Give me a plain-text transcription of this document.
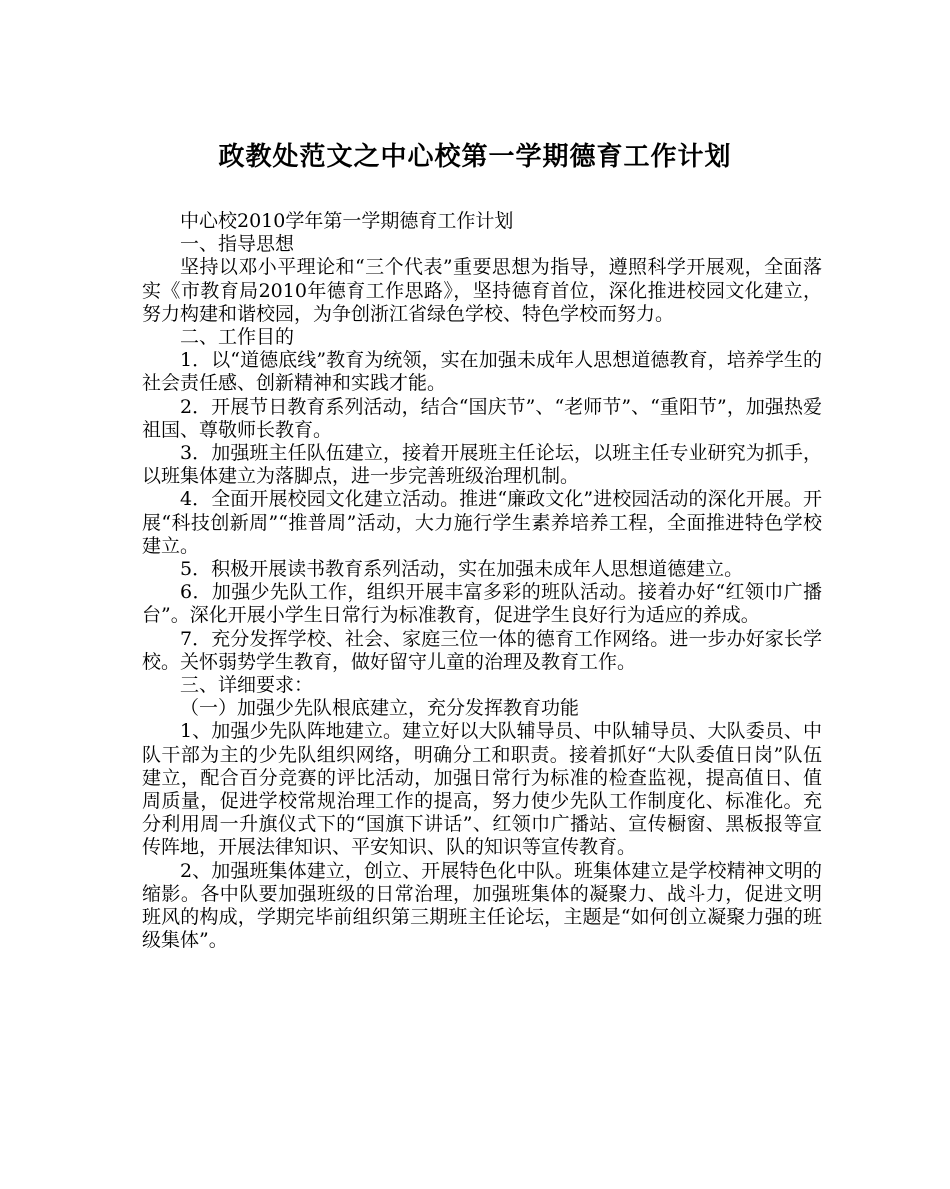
政教处范文之中心校第一学期德育工作计划

中心校2010学年第一学期德育工作计划

一、指导思想

坚持以邓小平理论和“三个代表”重要思想为指导，遵照科学开展观，全面落实《市教育局2010年德育工作思路》，坚持德育首位，深化推进校园文化建立，努力构建和谐校园，为争创浙江省绿色学校、特色学校而努力。

二、工作目的

1．以“道德底线”教育为统领，实在加强未成年人思想道德教育，培养学生的社会责任感、创新精神和实践才能。

2．开展节日教育系列活动，结合“国庆节”、“老师节”、“重阳节”，加强热爱祖国、尊敬师长教育。

3．加强班主任队伍建立，接着开展班主任论坛，以班主任专业研究为抓手，以班集体建立为落脚点，进一步完善班级治理机制。

4．全面开展校园文化建立活动。推进“廉政文化”进校园活动的深化开展。开展“科技创新周”“推普周”活动，大力施行学生素养培养工程，全面推进特色学校建立。

5．积极开展读书教育系列活动，实在加强未成年人思想道德建立。

6．加强少先队工作，组织开展丰富多彩的班队活动。接着办好“红领巾广播台”。深化开展小学生日常行为标准教育，促进学生良好行为适应的养成。

7．充分发挥学校、社会、家庭三位一体的德育工作网络。进一步办好家长学校。关怀弱势学生教育，做好留守儿童的治理及教育工作。

三、详细要求：

（一）加强少先队根底建立，充分发挥教育功能

1、加强少先队阵地建立。建立好以大队辅导员、中队辅导员、大队委员、中队干部为主的少先队组织网络，明确分工和职责。接着抓好“大队委值日岗”队伍建立，配合百分竞赛的评比活动，加强日常行为标准的检查监视，提高值日、值周质量，促进学校常规治理工作的提高，努力使少先队工作制度化、标准化。充分利用周一升旗仪式下的“国旗下讲话”、红领巾广播站、宣传橱窗、黑板报等宣传阵地，开展法律知识、平安知识、队的知识等宣传教育。

2、加强班集体建立，创立、开展特色化中队。班集体建立是学校精神文明的缩影。各中队要加强班级的日常治理，加强班集体的凝聚力、战斗力，促进文明班风的构成，学期完毕前组织第三期班主任论坛，主题是“如何创立凝聚力强的班级集体”。
